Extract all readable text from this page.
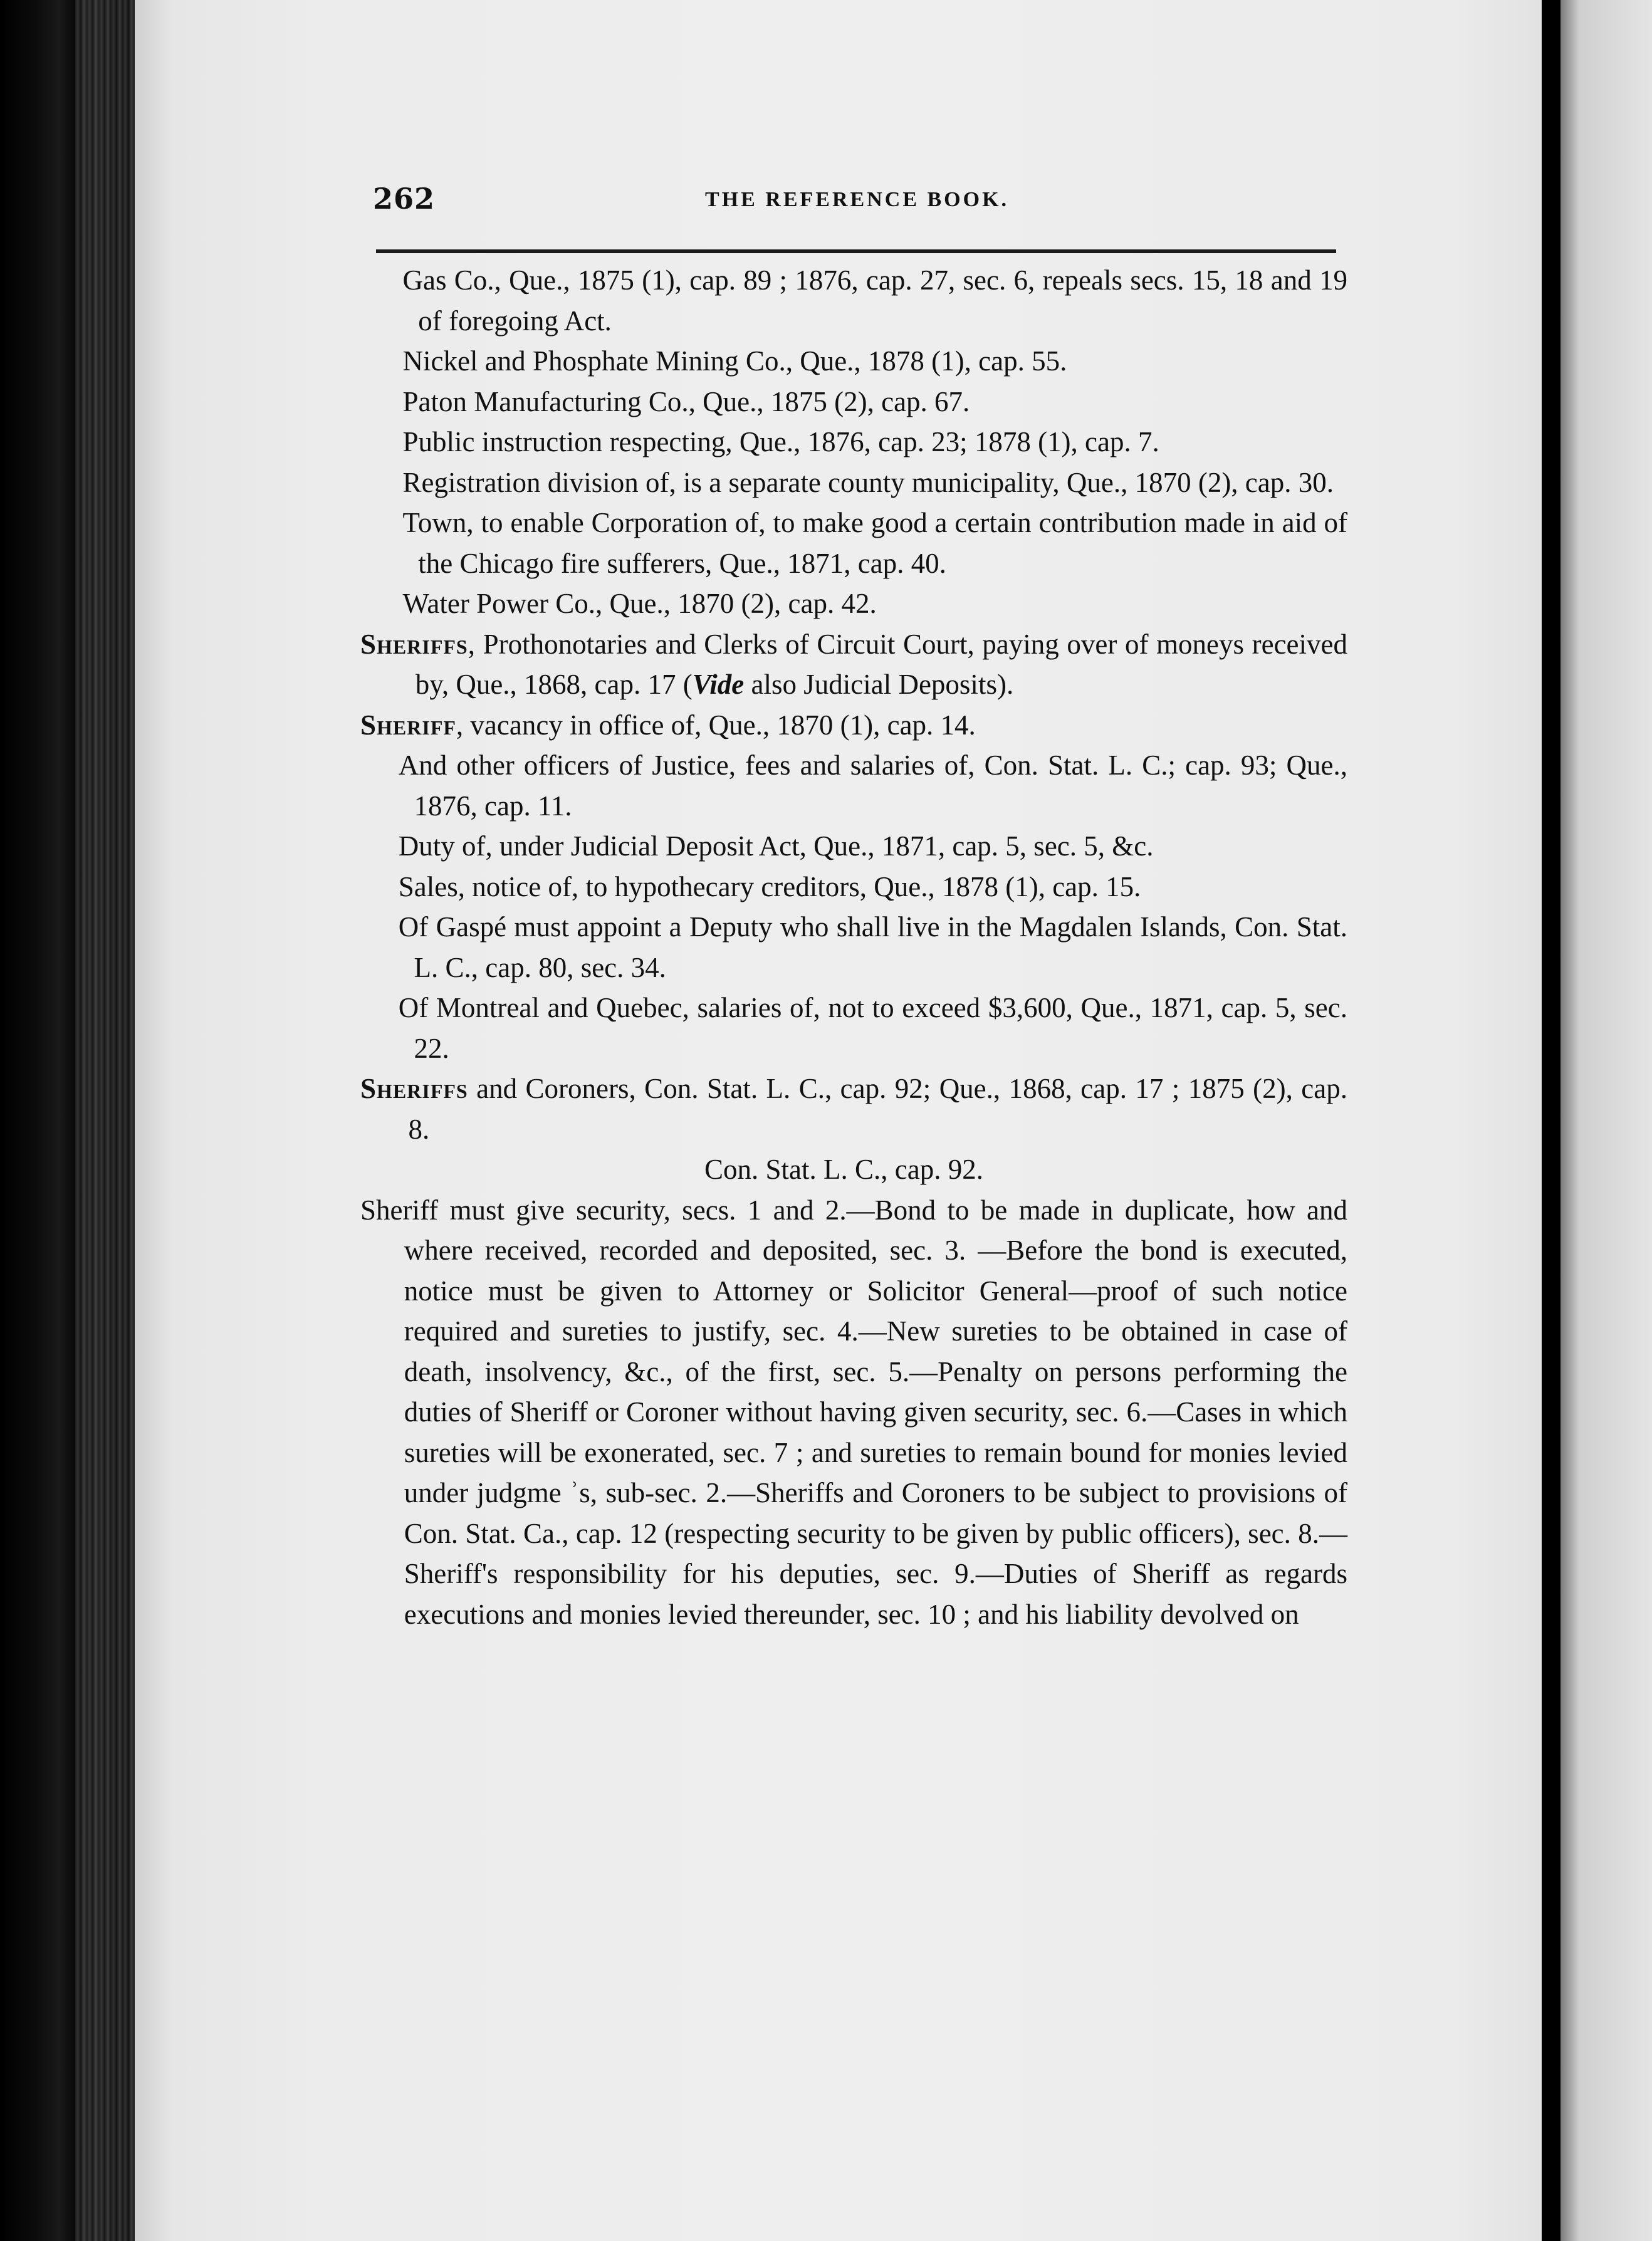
262	THE REFERENCE BOOK.

Gas Co., Que., 1875 (1), cap. 89 ; 1876, cap. 27, sec. 6, repeals secs. 15, 18 and 19 of foregoing Act.

Nickel and Phosphate Mining Co., Que., 1878 (1), cap. 55.

Paton Manufacturing Co., Que., 1875 (2), cap. 67.

Public instruction respecting, Que., 1876, cap. 23; 1878 (1), cap. 7.

Registration division of, is a separate county municipality, Que., 1870 (2), cap. 30.

Town, to enable Corporation of, to make good a certain contribution made in aid of the Chicago fire sufferers, Que., 1871, cap. 40.

Water Power Co., Que., 1870 (2), cap. 42.

Sheriffs, Prothonotaries and Clerks of Circuit Court, paying over of moneys received by, Que., 1868, cap. 17 (Vide also Judicial Deposits).

Sheriff, vacancy in office of, Que., 1870 (1), cap. 14.

And other officers of Justice, fees and salaries of, Con. Stat. L. C.; cap. 93; Que., 1876, cap. 11.

Duty of, under Judicial Deposit Act, Que., 1871, cap. 5, sec. 5, &c.

Sales, notice of, to hypothecary creditors, Que., 1878 (1), cap. 15.

Of Gaspé must appoint a Deputy who shall live in the Magdalen Islands, Con. Stat. L. C., cap. 80, sec. 34.

Of Montreal and Quebec, salaries of, not to exceed $3,600, Que., 1871, cap. 5, sec. 22.

Sheriffs and Coroners, Con. Stat. L. C., cap. 92; Que., 1868, cap. 17 ; 1875 (2), cap. 8.

Con. Stat. L. C., cap. 92.

Sheriff must give security, secs. 1 and 2.—Bond to be made in duplicate, how and where received, recorded and deposited, sec. 3. —Before the bond is executed, notice must be given to Attorney or Solicitor General—proof of such notice required and sureties to justify, sec. 4.—New sureties to be obtained in case of death, insolvency, &c., of the first, sec. 5.—Penalty on persons performing the duties of Sheriff or Coroner without having given security, sec. 6.—Cases in which sureties will be exonerated, sec. 7 ; and sureties to remain bound for monies levied under judgme ʾs, sub-sec. 2.—Sheriffs and Coroners to be subject to provisions of Con. Stat. Ca., cap. 12 (respecting security to be given by public officers), sec. 8.—Sheriff's responsibility for his deputies, sec. 9.—Duties of Sheriff as regards executions and monies levied thereunder, sec. 10 ; and his liability devolved on
